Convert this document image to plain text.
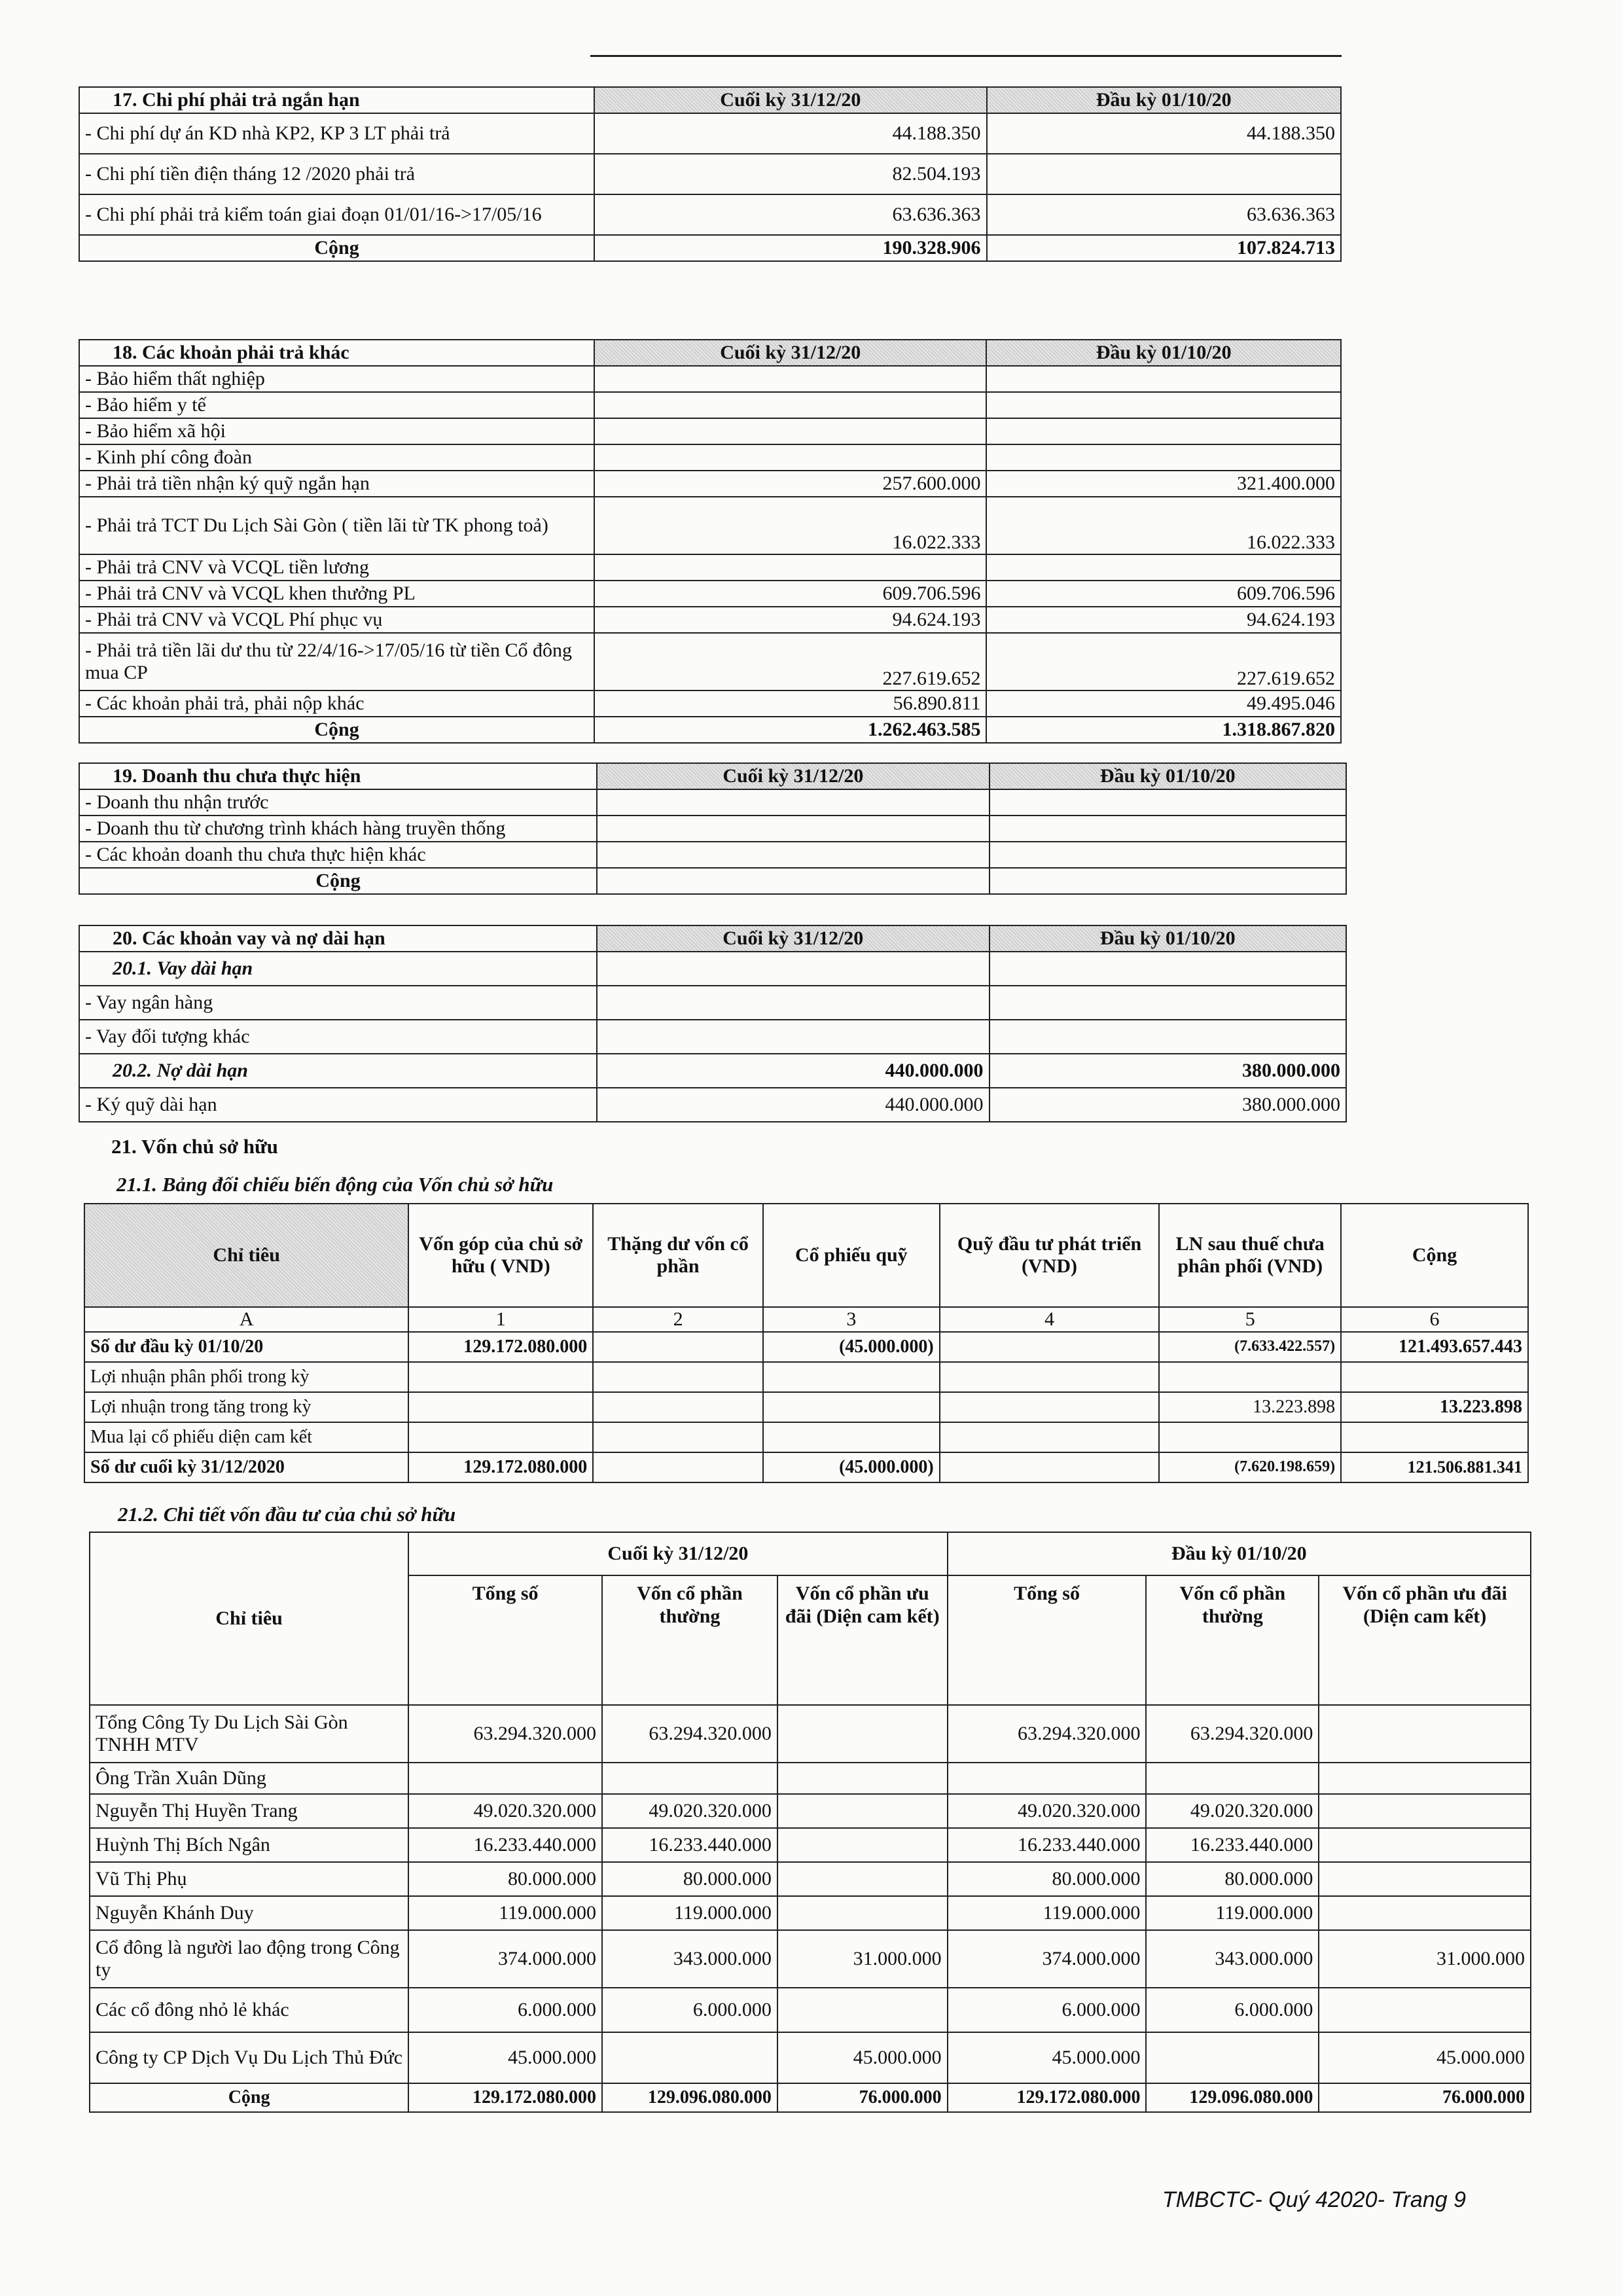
17. Chi phí phải trả ngắn hạn	Cuối kỳ 31/12/20	Đầu kỳ 01/10/20
- Chi phí dự án KD nhà KP2, KP 3 LT phải trả	44.188.350	44.188.350
- Chi phí tiền điện tháng 12 /2020 phải trả	82.504.193	
- Chi phí phải trả kiểm toán giai đoạn 01/01/16->17/05/16	63.636.363	63.636.363
Cộng	190.328.906	107.824.713
18. Các khoản phải trả khác	Cuối kỳ 31/12/20	Đầu kỳ 01/10/20
- Bảo hiểm thất nghiệp		
- Bảo hiểm y tế		
- Bảo hiểm xã hội		
- Kinh phí công đoàn		
- Phải trả tiền nhận ký quỹ ngắn hạn	257.600.000	321.400.000
- Phải trả TCT Du Lịch Sài Gòn ( tiền lãi từ TK phong toả)	16.022.333	16.022.333
- Phải trả CNV và VCQL tiền lương		
- Phải trả CNV và VCQL khen thưởng PL	609.706.596	609.706.596
- Phải trả CNV và VCQL Phí phục vụ	94.624.193	94.624.193
- Phải trả tiền lãi dư thu từ 22/4/16->17/05/16 từ tiền Cổ đông mua CP	227.619.652	227.619.652
- Các khoản phải trả, phải nộp khác	56.890.811	49.495.046
Cộng	1.262.463.585	1.318.867.820
19. Doanh thu chưa thực hiện	Cuối kỳ 31/12/20	Đầu kỳ 01/10/20
- Doanh thu nhận trước		
- Doanh thu từ chương trình khách hàng truyền thống		
- Các khoản doanh thu chưa thực hiện khác		
Cộng		
20. Các khoản vay và nợ dài hạn	Cuối kỳ 31/12/20	Đầu kỳ 01/10/20
20.1. Vay dài hạn		
- Vay ngân hàng		
- Vay đối tượng khác		
20.2. Nợ dài hạn	440.000.000	380.000.000
- Ký quỹ dài hạn	440.000.000	380.000.000
21. Vốn chủ sở hữu
21.1. Bảng đối chiếu biến động của Vốn chủ sở hữu
Chỉ tiêu	Vốn góp của chủ sở hữu ( VND)	Thặng dư vốn cổ phần	Cổ phiếu quỹ	Quỹ đầu tư phát triển (VND)	LN sau thuế chưa phân phối (VND)	Cộng
A	1	2	3	4	5	6
Số dư đầu kỳ 01/10/20	129.172.080.000		(45.000.000)		(7.633.422.557)	121.493.657.443
Lợi nhuận phân phối trong kỳ						
Lợi nhuận trong tăng trong kỳ					13.223.898	13.223.898
Mua lại cổ phiếu diện cam kết						
Số dư cuối kỳ 31/12/2020	129.172.080.000		(45.000.000)		(7.620.198.659)	121.506.881.341
21.2. Chi tiết vốn đầu tư của chủ sở hữu
Chỉ tiêu	Cuối kỳ 31/12/20			Đầu kỳ 01/10/20		
	Tổng số	Vốn cổ phần thường	Vốn cổ phần ưu đãi (Diện cam kết)	Tổng số	Vốn cổ phần thường	Vốn cổ phần ưu đãi (Diện cam kết)
Tổng Công Ty Du Lịch Sài Gòn TNHH MTV	63.294.320.000	63.294.320.000		63.294.320.000	63.294.320.000	
Ông Trần Xuân Dũng						
Nguyễn Thị Huyền Trang	49.020.320.000	49.020.320.000		49.020.320.000	49.020.320.000	
Huỳnh Thị Bích Ngân	16.233.440.000	16.233.440.000		16.233.440.000	16.233.440.000	
Vũ Thị Phụ	80.000.000	80.000.000		80.000.000	80.000.000	
Nguyễn Khánh Duy	119.000.000	119.000.000		119.000.000	119.000.000	
Cổ đông là người lao động trong Công ty	374.000.000	343.000.000	31.000.000	374.000.000	343.000.000	31.000.000
Các cổ đông nhỏ lẻ khác	6.000.000	6.000.000		6.000.000	6.000.000	
Công ty CP Dịch Vụ Du Lịch Thủ Đức	45.000.000		45.000.000	45.000.000		45.000.000
Cộng	129.172.080.000	129.096.080.000	76.000.000	129.172.080.000	129.096.080.000	76.000.000
TMBCTC- Quý 42020- Trang 9
